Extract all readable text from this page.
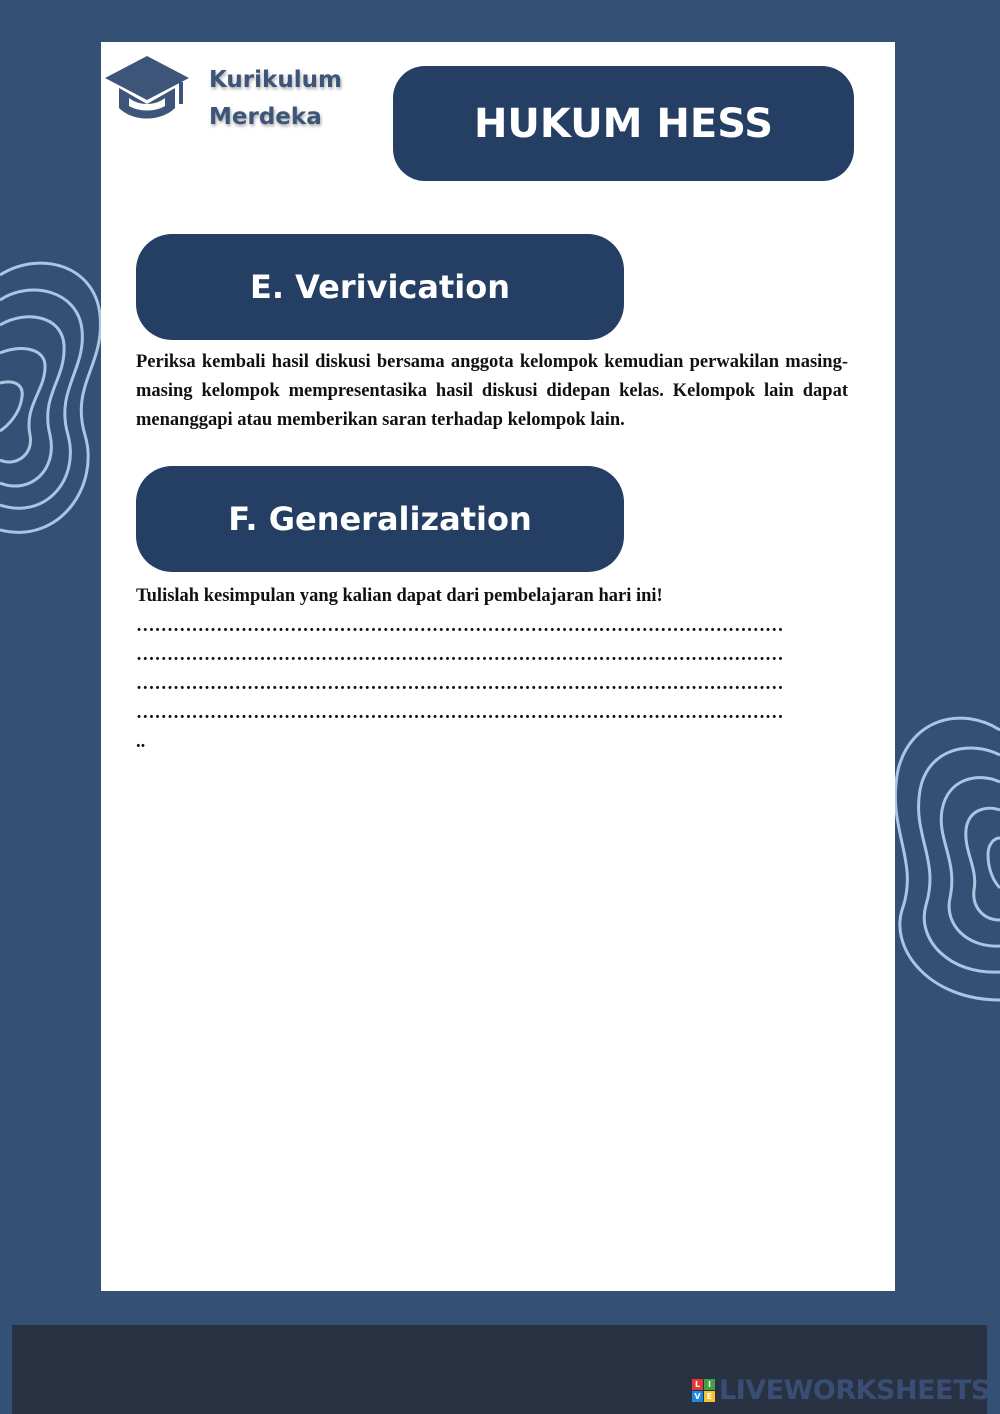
Kurikulum
Merdeka	HUKUM HESS
E. Verivication
Periksa kembali hasil diskusi bersama anggota kelompok kemudian perwakilan masing-masing kelompok mempresentasika hasil diskusi didepan kelas. Kelompok lain dapat menanggapi atau memberikan saran terhadap kelompok lain.
F. Generalization
Tulislah kesimpulan yang kalian dapat dari pembelajaran hari ini!
……………………………………………………………………………………………
……………………………………………………………………………………………
……………………………………………………………………………………………
……………………………………………………………………………………………
..
L I
V E LIVEWORKSHEETS
